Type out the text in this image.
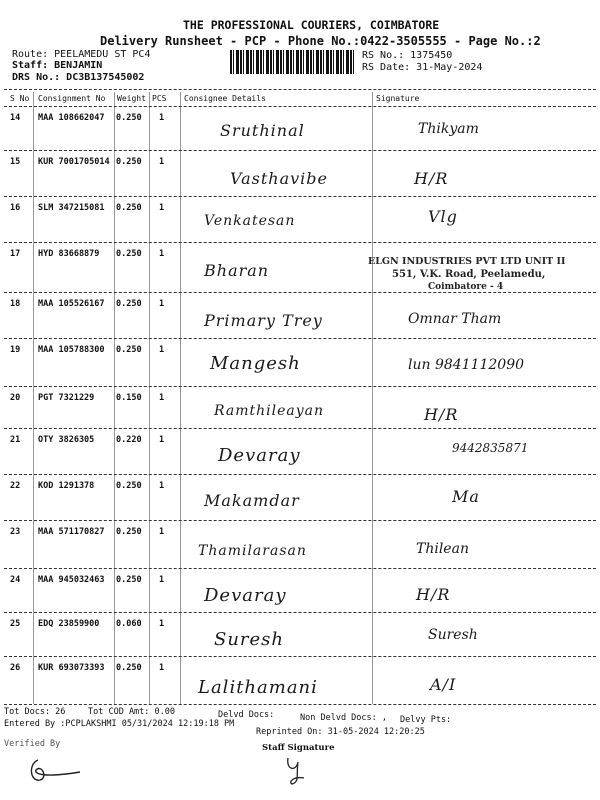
THE PROFESSIONAL COURIERS, COIMBATORE
Delivery Runsheet - PCP - Phone No.:0422-3505555 - Page No.:2
Route: PEELAMEDU ST PC4
Staff: BENJAMIN
DRS No.: DC3B137545002
RS No.: 1375450
RS Date: 31-May-2024
S No Consignment No Weight PCS Consignee Details	Signature
14 MAA 108662047 0.250 1
Sruthinal	Thikyam
15 KUR 7001705014 0.250 1
Vasthavibe	H/R
16 SLM 347215081 0.250 1
Venkatesan	Vlg
17 HYD 83668879 0.250 1
Bharan	ELGN INDUSTRIES PVT LTD UNIT II
551, V.K. Road, Peelamedu,
Coimbatore - 4
18 MAA 105526167 0.250 1
Primary Trey	Omnar Tham
19 MAA 105788300 0.250 1
Mangesh	lun 9841112090
20 PGT 7321229	0.150 1
Ramthileayan	H/R
21 OTY 3826305	0.220 1
Devaray	9442835871
22 KOD 1291378	0.250 1
Makamdar	Ma
23 MAA 571170827 0.250 1
Thamilarasan	Thilean
24 MAA 945032463 0.250 1
Devaray	H/R
25 EDQ 23859900 0.060 1
Suresh	Suresh
26 KUR 693073393 0.250 1
Lalithamani	A/I
Tot Docs: 26	Tot COD Amt: 0.00	Delvd Docs:	Non Delvd Docs: , Delvy Pts:
Entered By :PCPLAKSHMI 05/31/2024 12:19:18 PM
Reprinted On: 31-05-2024 12:20:25
Verified By	Staff Signature
